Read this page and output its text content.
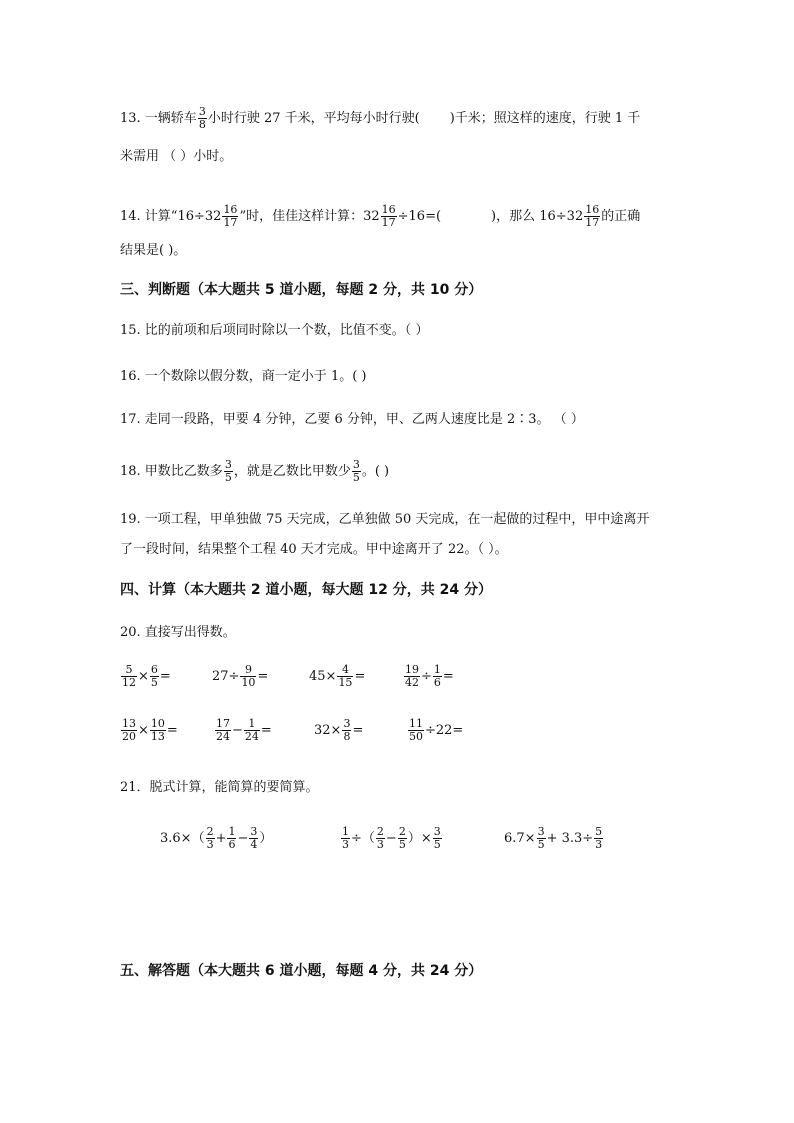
13. 一辆轿车 $\frac{3}{8}$ 小时行驶 27 千米，平均每小时行驶( )千米；照这样的速度，行驶 1 千
米需用 （ ）小时。
14. 计算“$16\div 32 \frac{16}{17}$ ”时，佳佳这样计算：$32 \frac{16}{17} \div 16=$(	)，那么 $16\div 32 \frac{16}{17}$ 的正确
结果是( )。
三、判断题（本大题共 5 道小题，每题 2 分，共 10 分）
15. 比的前项和后项同时除以一个数，比值不变。（ ）
16. 一个数除以假分数，商一定小于 1。( )
17. 走同一段路，甲要 4 分钟，乙要 6 分钟，甲、乙两人速度比是 2∶3。 （ ）
18. 甲数比乙数多 $\frac{3}{5}$ ，就是乙数比甲数少 $\frac{3}{5}$ 。( )
19. 一项工程，甲单独做 75 天完成，乙单独做 50 天完成，在一起做的过程中，甲中途离开
了一段时间，结果整个工程 40 天才完成。甲中途离开了 22。（ ）。
四、计算（本大题共 2 道小题，每大题 12 分，共 24 分）
20. 直接写出得数。
$\frac{5}{12} \times \frac{6}{5}$ =	$27\div \frac{9}{10}$ =	$45\times \frac{4}{15}$ =	$\frac{19}{42} \div \frac{1}{6}$ =
$\frac{13}{20} \times \frac{10}{13}$ =	$\frac{17}{24} - \frac{1}{24}$ =	$32\times \frac{3}{8}$ =	$\frac{11}{50} \div 22=$
21．脱式计算，能简算的要简算。
$3.6\times( \frac{2}{3} + \frac{1}{6} - \frac{3}{4}$ ）	$\frac{1}{3}$ ÷（ $\frac{2}{3} - \frac{2}{5}$ ）× $\frac{3}{5}$	$6.7\times \frac{3}{5} + 3.3\div \frac{5}{3}$
五、解答题（本大题共 6 道小题，每题 4 分，共 24 分）
